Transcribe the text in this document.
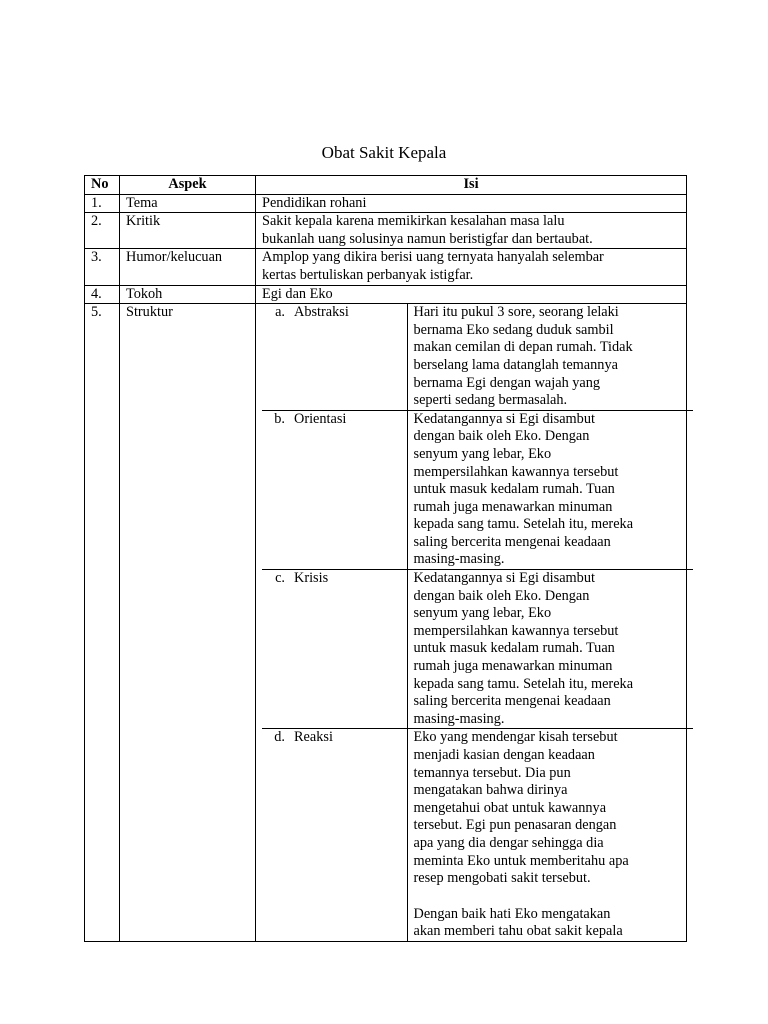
Obat Sakit Kepala
No	Aspek	Isi
1.	Tema	Pendidikan rohani
2.	Kritik	Sakit kepala karena memikirkan kesalahan masa lalu
bukanlah uang solusinya namun beristigfar dan bertaubat.

3.	Humor/kelucuan	Amplop yang dikira berisi uang ternyata hanyalah selembar
kertas bertuliskan perbanyak istigfar.

4.	Tokoh	Egi dan Eko
5.	Struktur		a. Abstraksi	Hari itu pukul 3 sore, seorang lelaki
bernama Eko sedang duduk sambil
makan cemilan di depan rumah. Tidak
berselang lama datanglah temannya
bernama Egi dengan wajah yang
seperti sedang bermasalah.

b. Orientasi	Kedatangannya si Egi disambut
dengan baik oleh Eko. Dengan
senyum yang lebar, Eko
mempersilahkan kawannya tersebut
untuk masuk kedalam rumah. Tuan
rumah juga menawarkan minuman
kepada sang tamu. Setelah itu, mereka
saling bercerita mengenai keadaan
masing-masing.

c. Krisis	Kedatangannya si Egi disambut
dengan baik oleh Eko. Dengan
senyum yang lebar, Eko
mempersilahkan kawannya tersebut
untuk masuk kedalam rumah. Tuan
rumah juga menawarkan minuman
kepada sang tamu. Setelah itu, mereka
saling bercerita mengenai keadaan
masing-masing.

d. Reaksi	Eko yang mendengar kisah tersebut
menjadi kasian dengan keadaan
temannya tersebut. Dia pun
mengatakan bahwa dirinya
mengetahui obat untuk kawannya
tersebut. Egi pun penasaran dengan
apa yang dia dengar sehingga dia
meminta Eko untuk memberitahu apa
resep mengobati sakit tersebut.
Dengan baik hati Eko mengatakan
akan memberi tahu obat sakit kepala
